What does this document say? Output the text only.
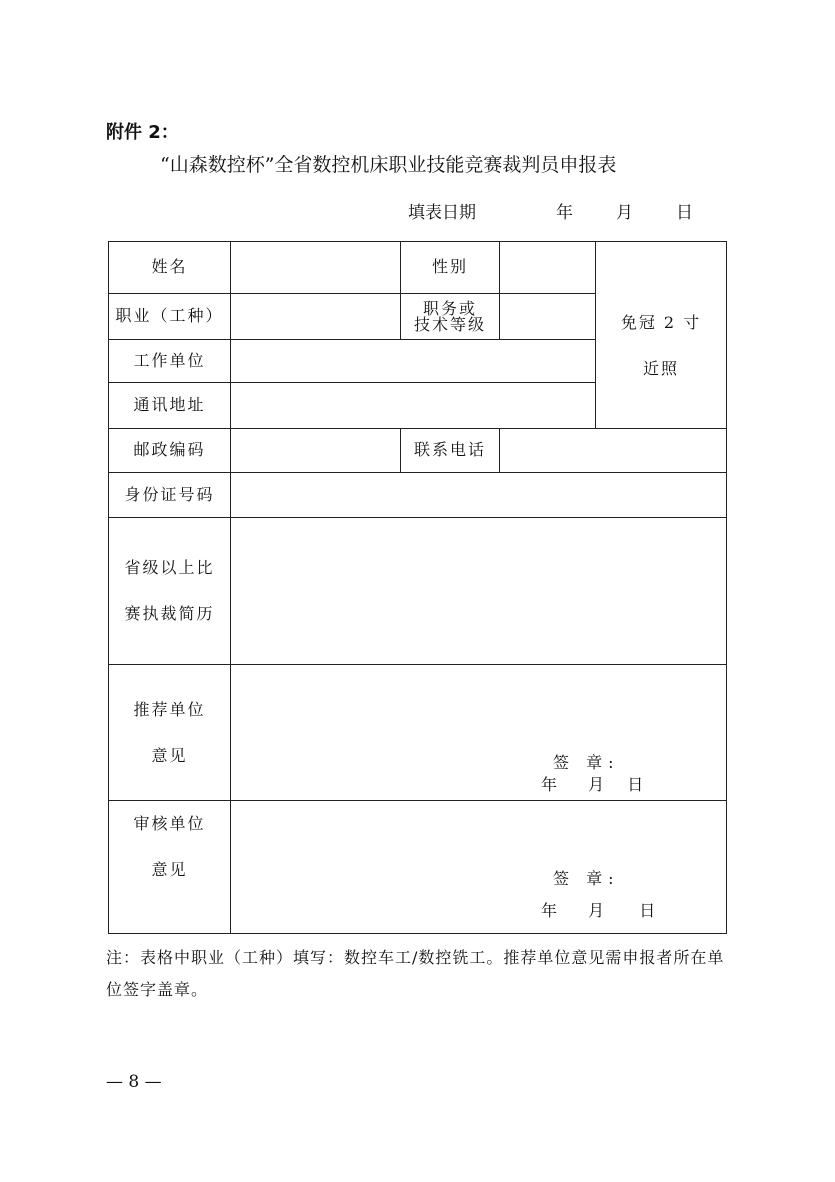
附件 2：
“山森数控杯”全省数控机床职业技能竞赛裁判员申报表
填表日期	年	月	日
姓名		性别		免冠 2 寸
近照

职业（工种）		职务或
技术等级		

工作单位				
通讯地址				
邮政编码		联系电话		
身份证号码				

省级以上比
赛执裁简历				

推荐单位
意见	签 章:
年 月 日			

审核单位
意见	签 章:
年 月 日			
注：表格中职业（工种）填写：数控车工/数控铣工。推荐单位意见需申报者所在单位签字盖章。
— 8 —
